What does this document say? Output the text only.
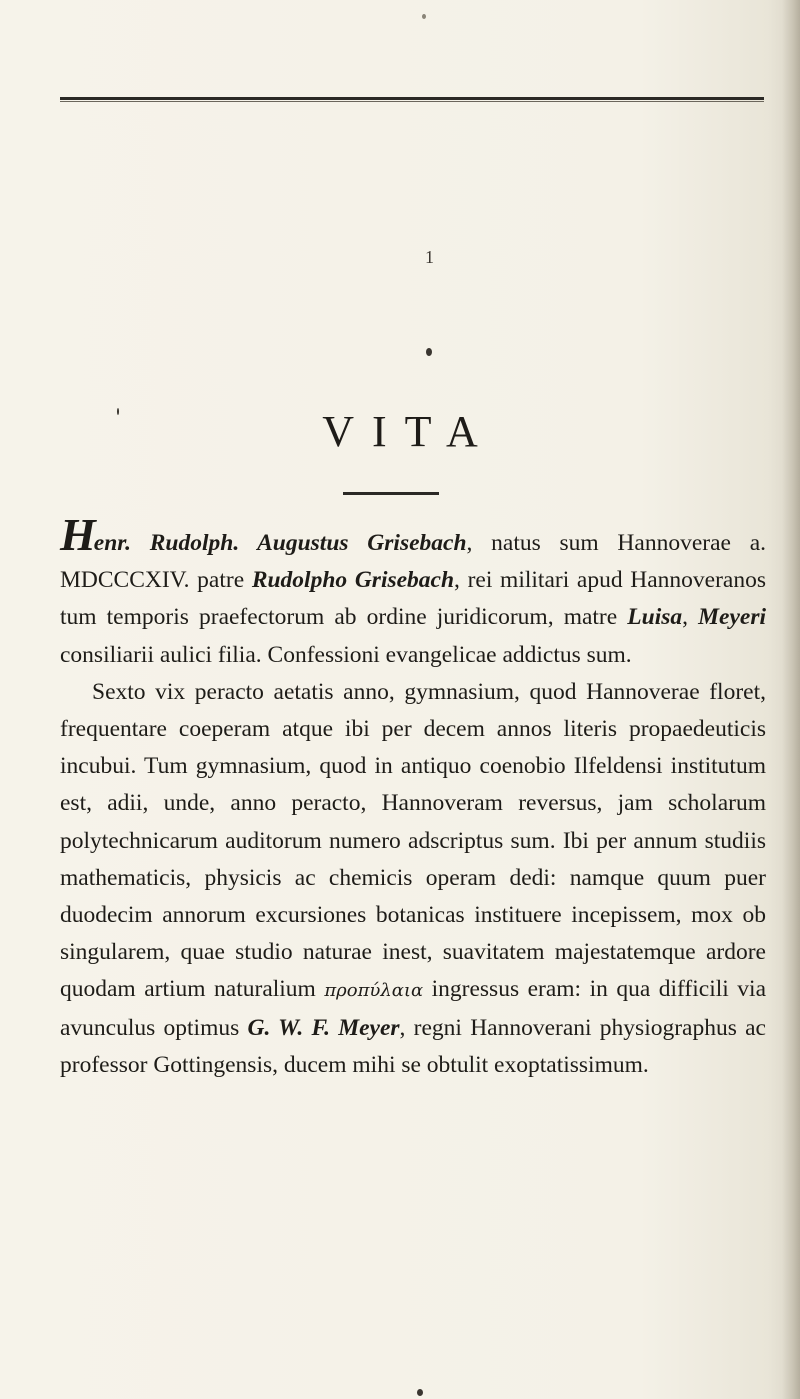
1
VITA

Henr. Rudolph. Augustus Grisebach, natus sum Hannoverae a. MDCCCXIV. patre Rudolpho Grisebach, rei militari apud Hannoveranos tum temporis praefectorum ab ordine juridicorum, matre Luisa, Meyeri consiliarii aulici filia. Confessioni evangelicae addictus sum.
Sexto vix peracto aetatis anno, gymnasium, quod Hannoverae floret, frequentare coeperam atque ibi per decem annos literis propaedeuticis incubui. Tum gymnasium, quod in antiquo coenobio Ilfeldensi institutum est, adii, unde, anno peracto, Hannoveram reversus, jam scholarum polytechnicarum auditorum numero adscriptus sum. Ibi per annum studiis mathematicis, physicis ac chemicis operam dedi: namque quum puer duodecim annorum excursiones botanicas instituere incepissem, mox ob singularem, quae studio naturae inest, suavitatem majestatemque ardore quodam artium naturalium πρoπύλαια ingressus eram: in qua difficili via avunculus optimus G. W. F. Meyer, regni Hannoverani physiographus ac professor Gottingensis, ducem mihi se obtulit exoptatissimum.
